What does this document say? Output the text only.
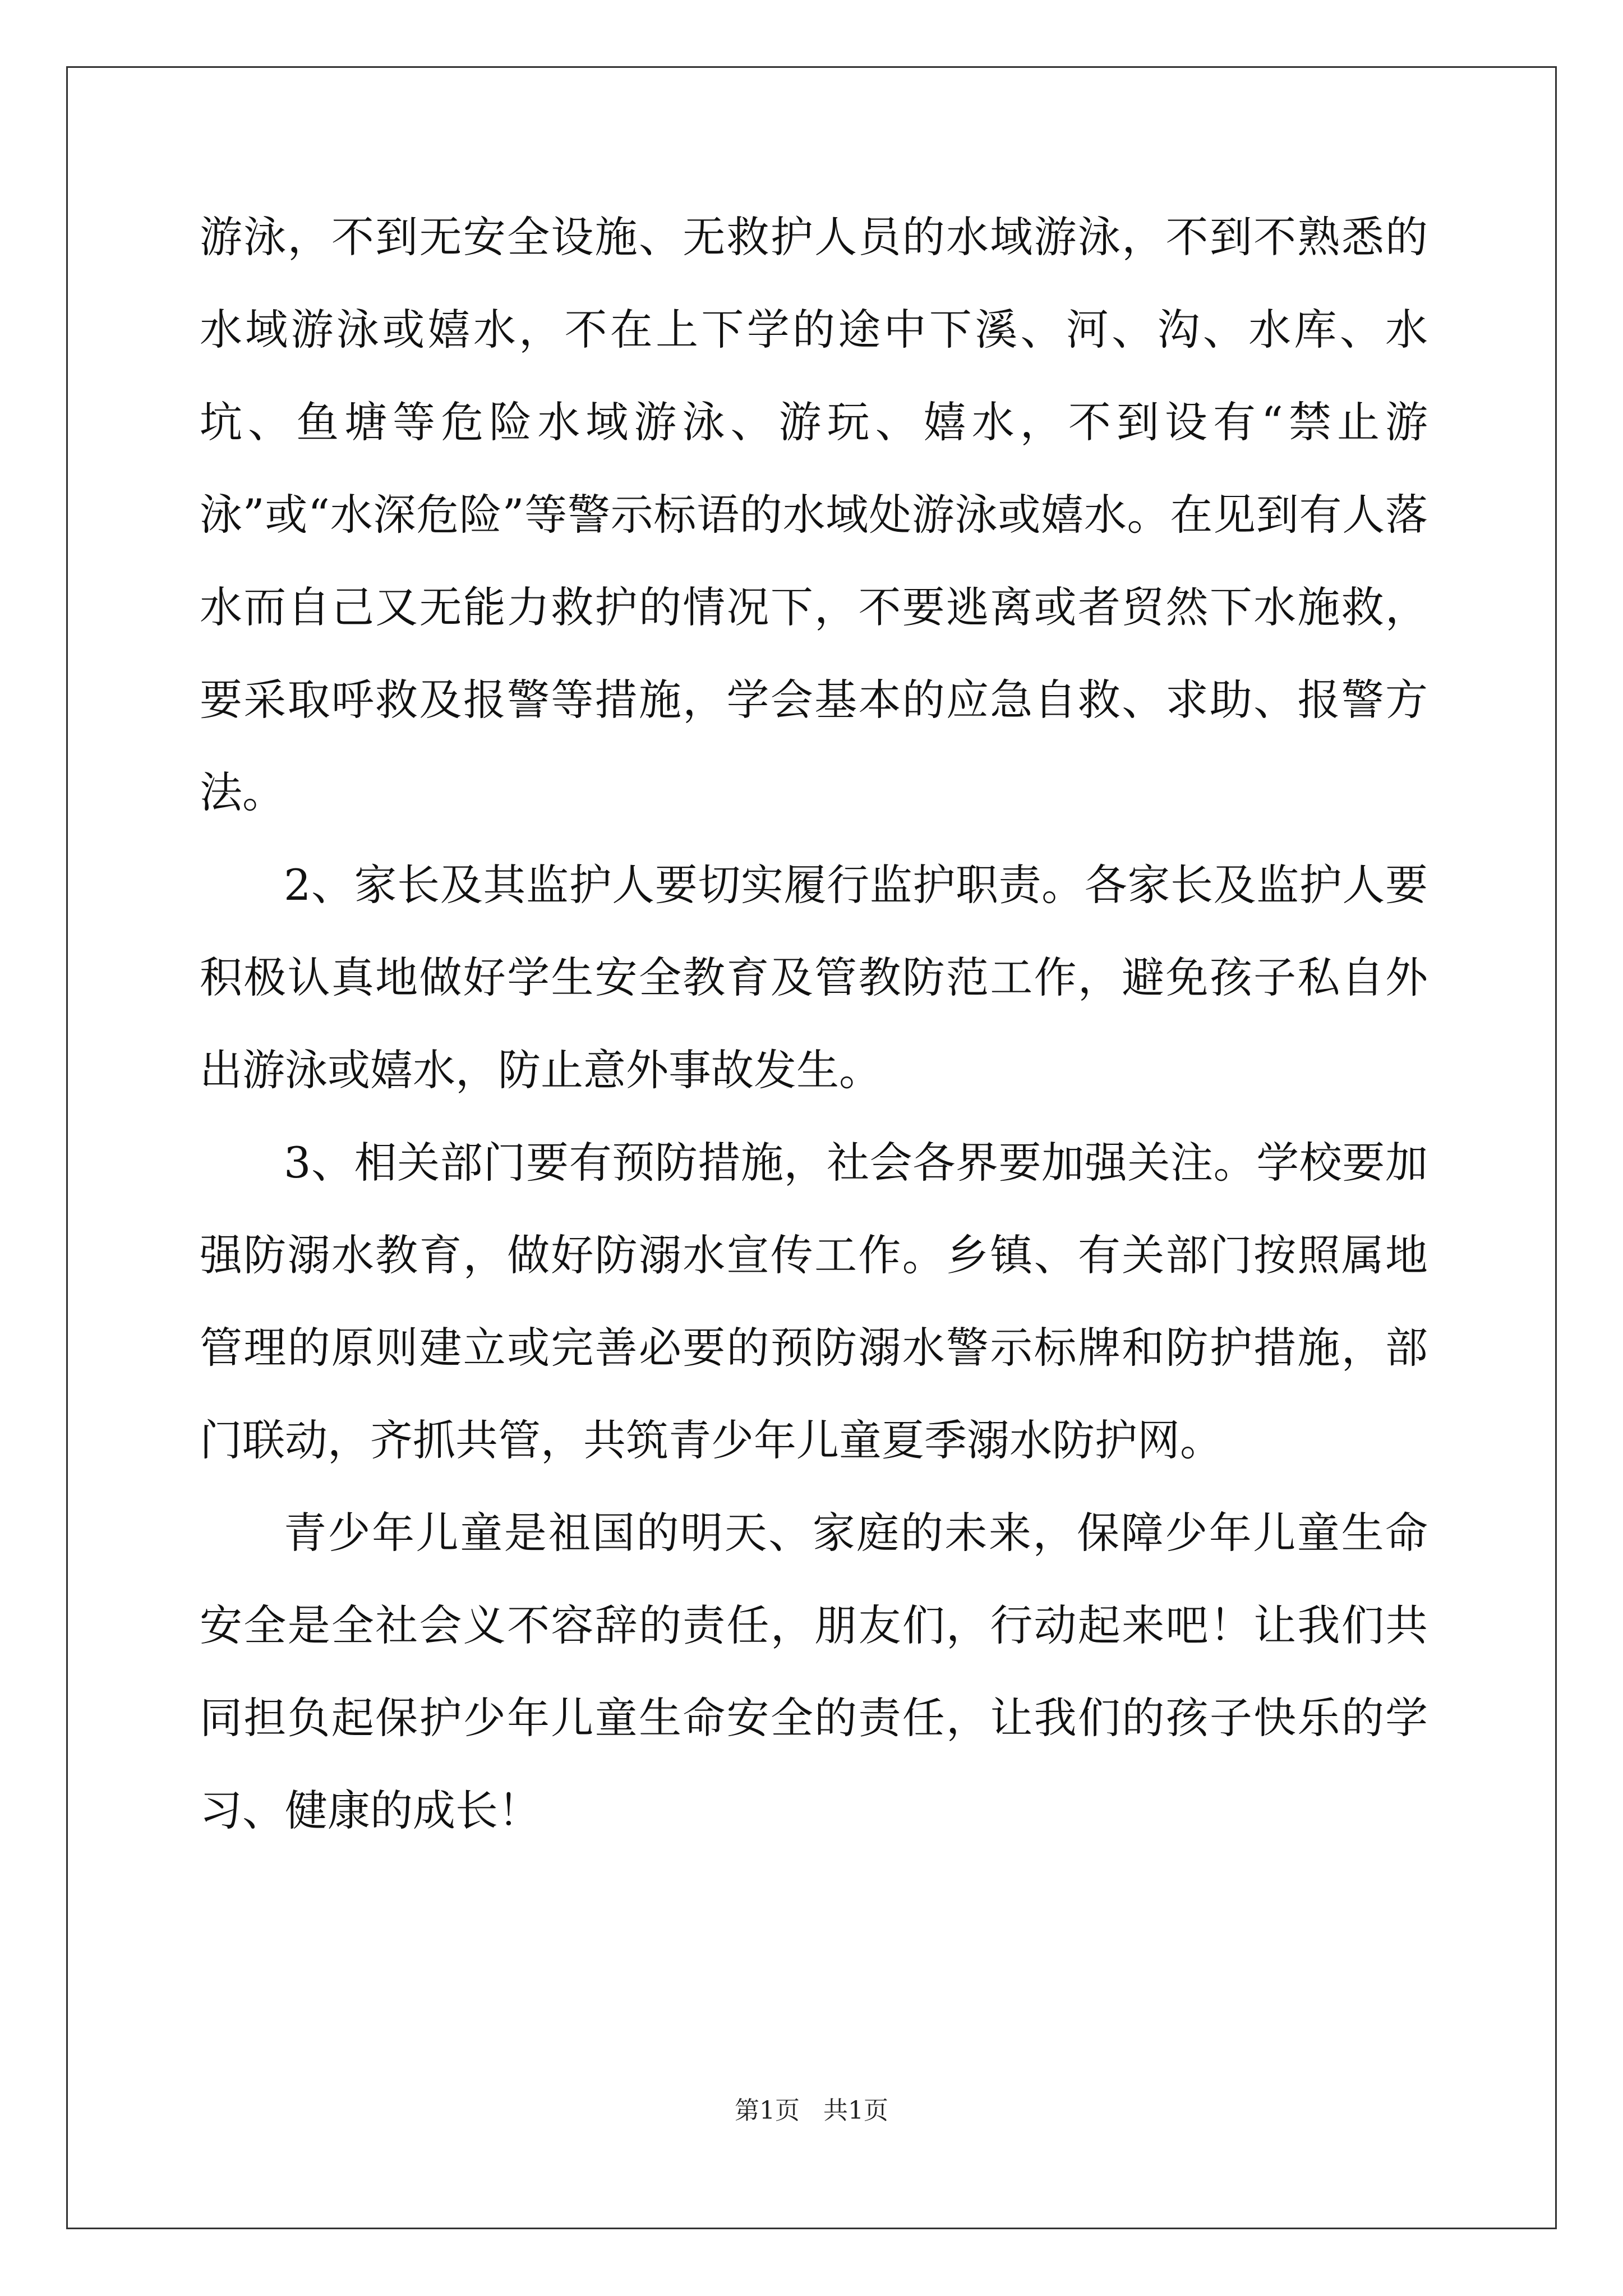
游泳，不到无安全设施、无救护人员的水域游泳，不到不熟悉的水域游泳或嬉水，不在上下学的途中下溪、河、沟、水库、水坑、鱼塘等危险水域游泳、游玩、嬉水，不到设有“禁止游泳”或“水深危险”等警示标语的水域处游泳或嬉水。在见到有人落水而自己又无能力救护的情况下，不要逃离或者贸然下水施救，要采取呼救及报警等措施，学会基本的应急自救、求助、报警方法。

2、家长及其监护人要切实履行监护职责。各家长及监护人要积极认真地做好学生安全教育及管教防范工作，避免孩子私自外出游泳或嬉水，防止意外事故发生。

3、相关部门要有预防措施，社会各界要加强关注。学校要加强防溺水教育，做好防溺水宣传工作。乡镇、有关部门按照属地管理的原则建立或完善必要的预防溺水警示标牌和防护措施，部门联动，齐抓共管，共筑青少年儿童夏季溺水防护网。

青少年儿童是祖国的明天、家庭的未来，保障少年儿童生命安全是全社会义不容辞的责任，朋友们，行动起来吧！让我们共同担负起保护少年儿童生命安全的责任，让我们的孩子快乐的学习、健康的成长！

第1页 共1页
